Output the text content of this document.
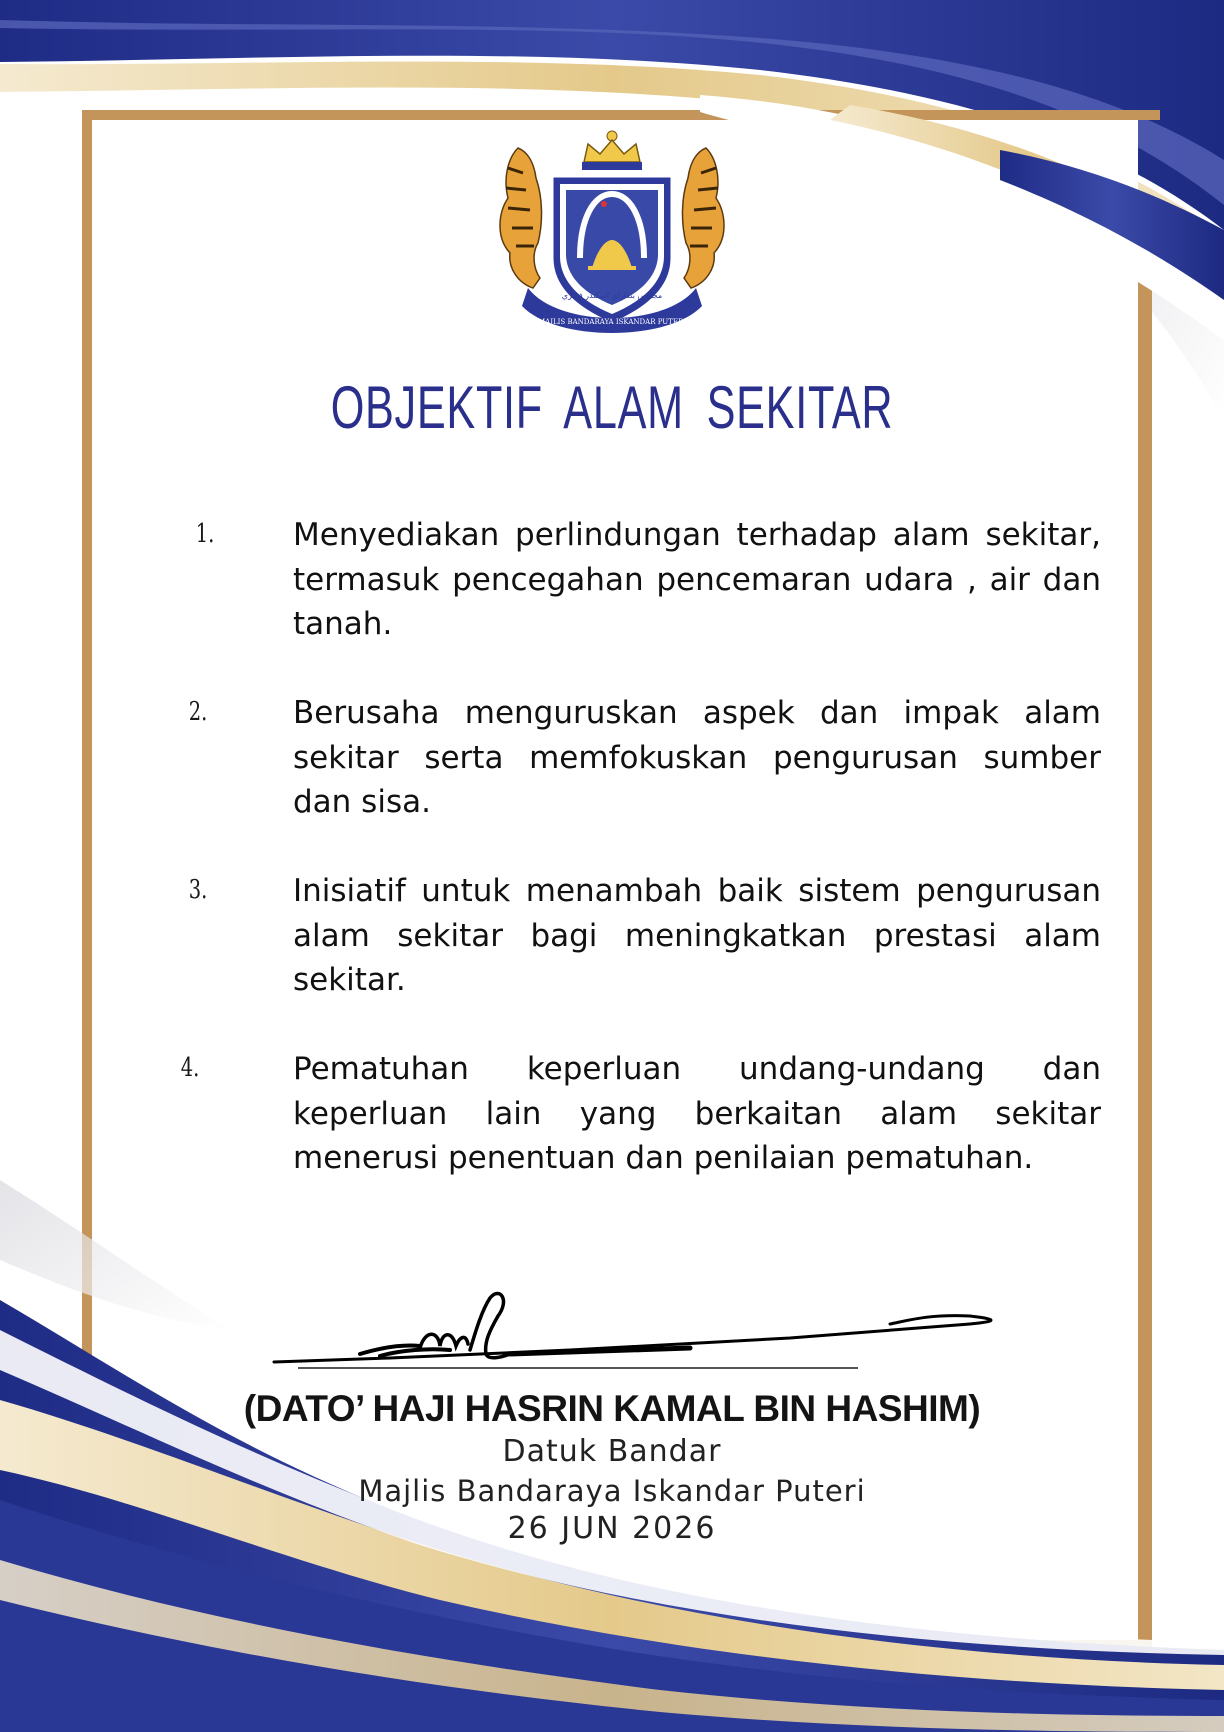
MAJLIS BANDARAYA ISKANDAR PUTERI
مجليس بنداراي اسكندر فوتري
OBJEKTIF ALAM SEKITAR
1.	Menyediakan perlindungan terhadap alam sekitar, termasuk pencegahan pencemaran udara , air dan tanah.

2.	Berusaha menguruskan aspek dan impak alam sekitar serta memfokuskan pengurusan sumber dan sisa.

3.	Inisiatif untuk menambah baik sistem pengurusan alam sekitar bagi meningkatkan prestasi alam sekitar.

4.	Pematuhan keperluan undang-undang dan keperluan lain yang berkaitan alam sekitar menerusi penentuan dan penilaian pematuhan.

(DATO’ HAJI HASRIN KAMAL BIN HASHIM)
Datuk Bandar
Majlis Bandaraya Iskandar Puteri
26 JUN 2026
